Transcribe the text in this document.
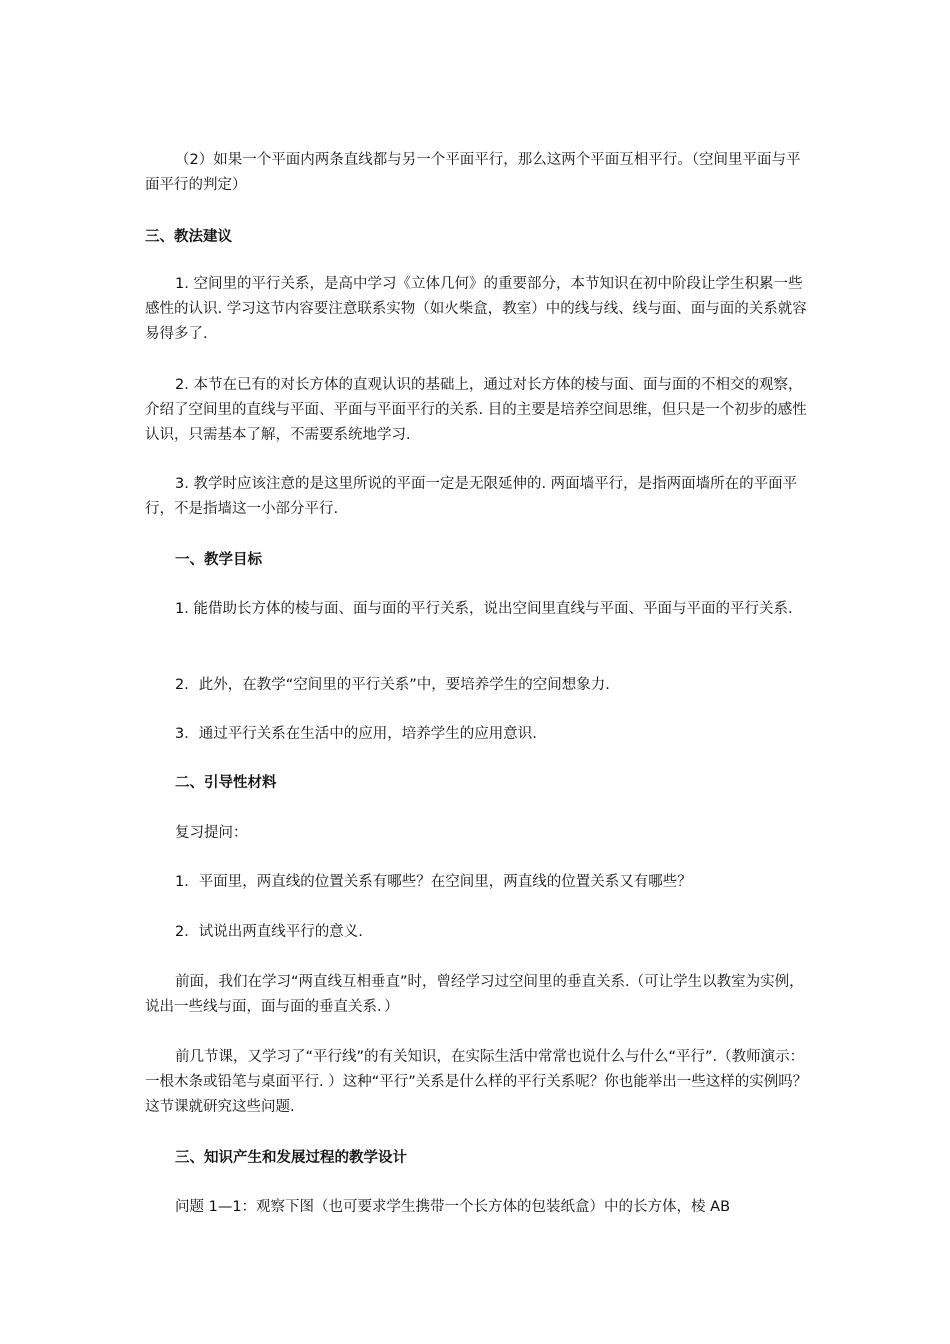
（2）如果一个平面内两条直线都与另一个平面平行，那么这两个平面互相平行。（空间里平面与平面平行的判定）

三、教法建议

1. 空间里的平行关系，是高中学习《立体几何》的重要部分，本节知识在初中阶段让学生积累一些感性的认识. 学习这节内容要注意联系实物（如火柴盒，教室）中的线与线、线与面、面与面的关系就容易得多了.

2. 本节在已有的对长方体的直观认识的基础上，通过对长方体的棱与面、面与面的不相交的观察，介绍了空间里的直线与平面、平面与平面平行的关系. 目的主要是培养空间思维，但只是一个初步的感性认识，只需基本了解，不需要系统地学习.

3. 教学时应该注意的是这里所说的平面一定是无限延伸的. 两面墙平行，是指两面墙所在的平面平行，不是指墙这一小部分平行.

一、教学目标

1. 能借助长方体的棱与面、面与面的平行关系，说出空间里直线与平面、平面与平面的平行关系.

2．此外，在教学“空间里的平行关系”中，要培养学生的空间想象力.

3．通过平行关系在生活中的应用，培养学生的应用意识.

二、引导性材料

复习提问：

1．平面里，两直线的位置关系有哪些？在空间里，两直线的位置关系又有哪些？

2．试说出两直线平行的意义.

前面，我们在学习“两直线互相垂直”时，曾经学习过空间里的垂直关系.（可让学生以教室为实例，说出一些线与面，面与面的垂直关系．）

前几节课，又学习了“平行线”的有关知识，在实际生活中常常也说什么与什么“平行”.（教师演示：一根木条或铅笔与桌面平行. ）这种“平行”关系是什么样的平行关系呢？你也能举出一些这样的实例吗？这节课就研究这些问题.

三、知识产生和发展过程的教学设计

问题 1—1：观察下图（也可要求学生携带一个长方体的包装纸盒）中的长方体，棱 AB
